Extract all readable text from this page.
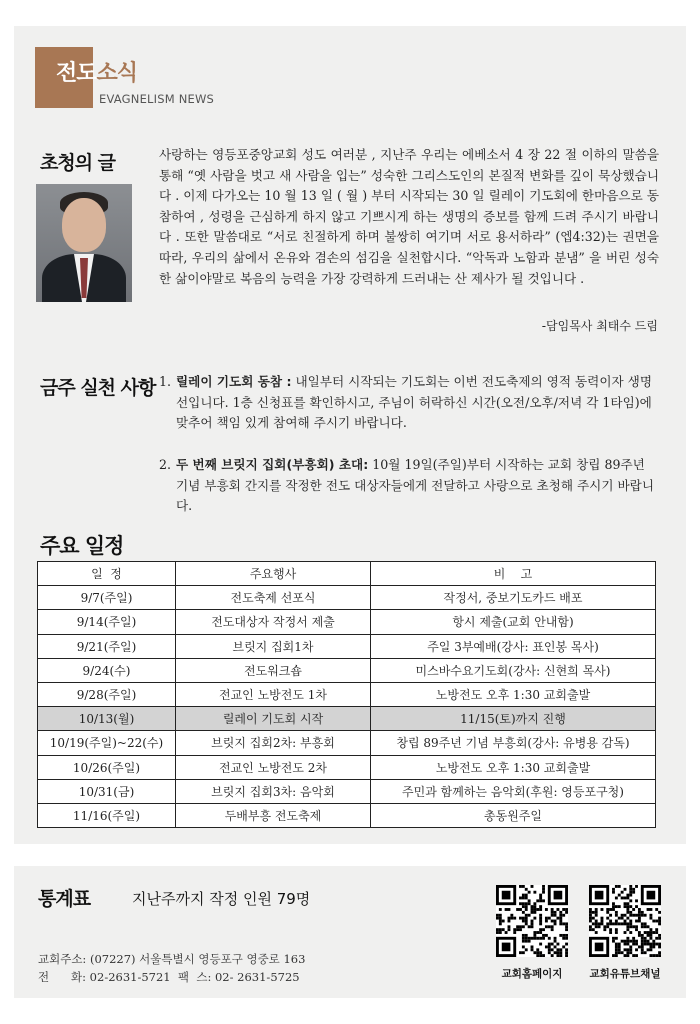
전도소식
EVAGNELISM NEWS
초청의 글	사랑하는 영등포중앙교회 성도 여러분 , 지난주 우리는 에베소서 4 장 22 절 이하의 말씀을 통해 “옛 사람을 벗고 새 사람을 입는” 성숙한 그리스도인의 본질적 변화를 깊이 묵상했습니다 . 이제 다가오는 10 월 13 일 ( 월 ) 부터 시작되는 30 일 릴레이 기도회에 한마음으로 동참하여 , 성령을 근심하게 하지 않고 기쁘시게 하는 생명의 증보를 함께 드려 주시기 바랍니다 . 또한 말씀대로 “서로 친절하게 하며 불쌍히 여기며 서로 용서하라” (엡4:32)는 권면을 따라, 우리의 삶에서 온유와 겸손의 섬김을 실천합시다. “악독과 노함과 분냄” 을 버린 성숙한 삶이야말로 복음의 능력을 가장 강력하게 드러내는 산 제사가 될 것입니다 .
-담임목사 최태수 드림
금주 실천 사항 1. 릴레이 기도회 동참 : 내일부터 시작되는 기도회는 이번 전도축제의 영적 동력이자 생명선입니다. 1층 신청표를 확인하시고, 주님이 허락하신 시간(오전/오후/저녁 각 1타임)에 맞추어 책임 있게 참여해 주시기 바랍니다.
2. 두 번째 브릿지 집회(부흥회) 초대: 10월 19일(주일)부터 시작하는 교회 창립 89주년 기념 부흥회 간지를 작정한 전도 대상자들에게 전달하고 사랑으로 초청해 주시기 바랍니다.
주요 일정
일  정	주요행사	비    고
9/7(주일)	전도축제 선포식	작정서, 중보기도카드 배포
9/14(주일)	전도대상자 작정서 제출	항시 제출(교회 안내함)
9/21(주일)	브릿지 집회1차	주일 3부예배(강사: 표인봉 목사)
9/24(수)	전도워크숍	미스바수요기도회(강사: 신현희 목사)
9/28(주일)	전교인 노방전도 1차	노방전도 오후 1:30 교회출발
10/13(월)	릴레이 기도회 시작	11/15(토)까지 진행
10/19(주일)~22(수)	브릿지 집회2차: 부흥회	창립 89주년 기념 부흥회(강사: 유병용 감독)
10/26(주일)	전교인 노방전도 2차	노방전도 오후 1:30 교회출발
10/31(금)	브릿지 집회3차: 음악회	주민과 함께하는 음악회(후원: 영등포구청)
11/16(주일)	두배부흥 전도축제	총동원주일
통계표	지난주까지 작정 인원 79명
교회주소: (07227) 서울특별시 영등포구 영중로 163
전      화: 02-2631-5721  팩  스: 02- 2631-5725	교회홈페이지	교회유튜브채널
